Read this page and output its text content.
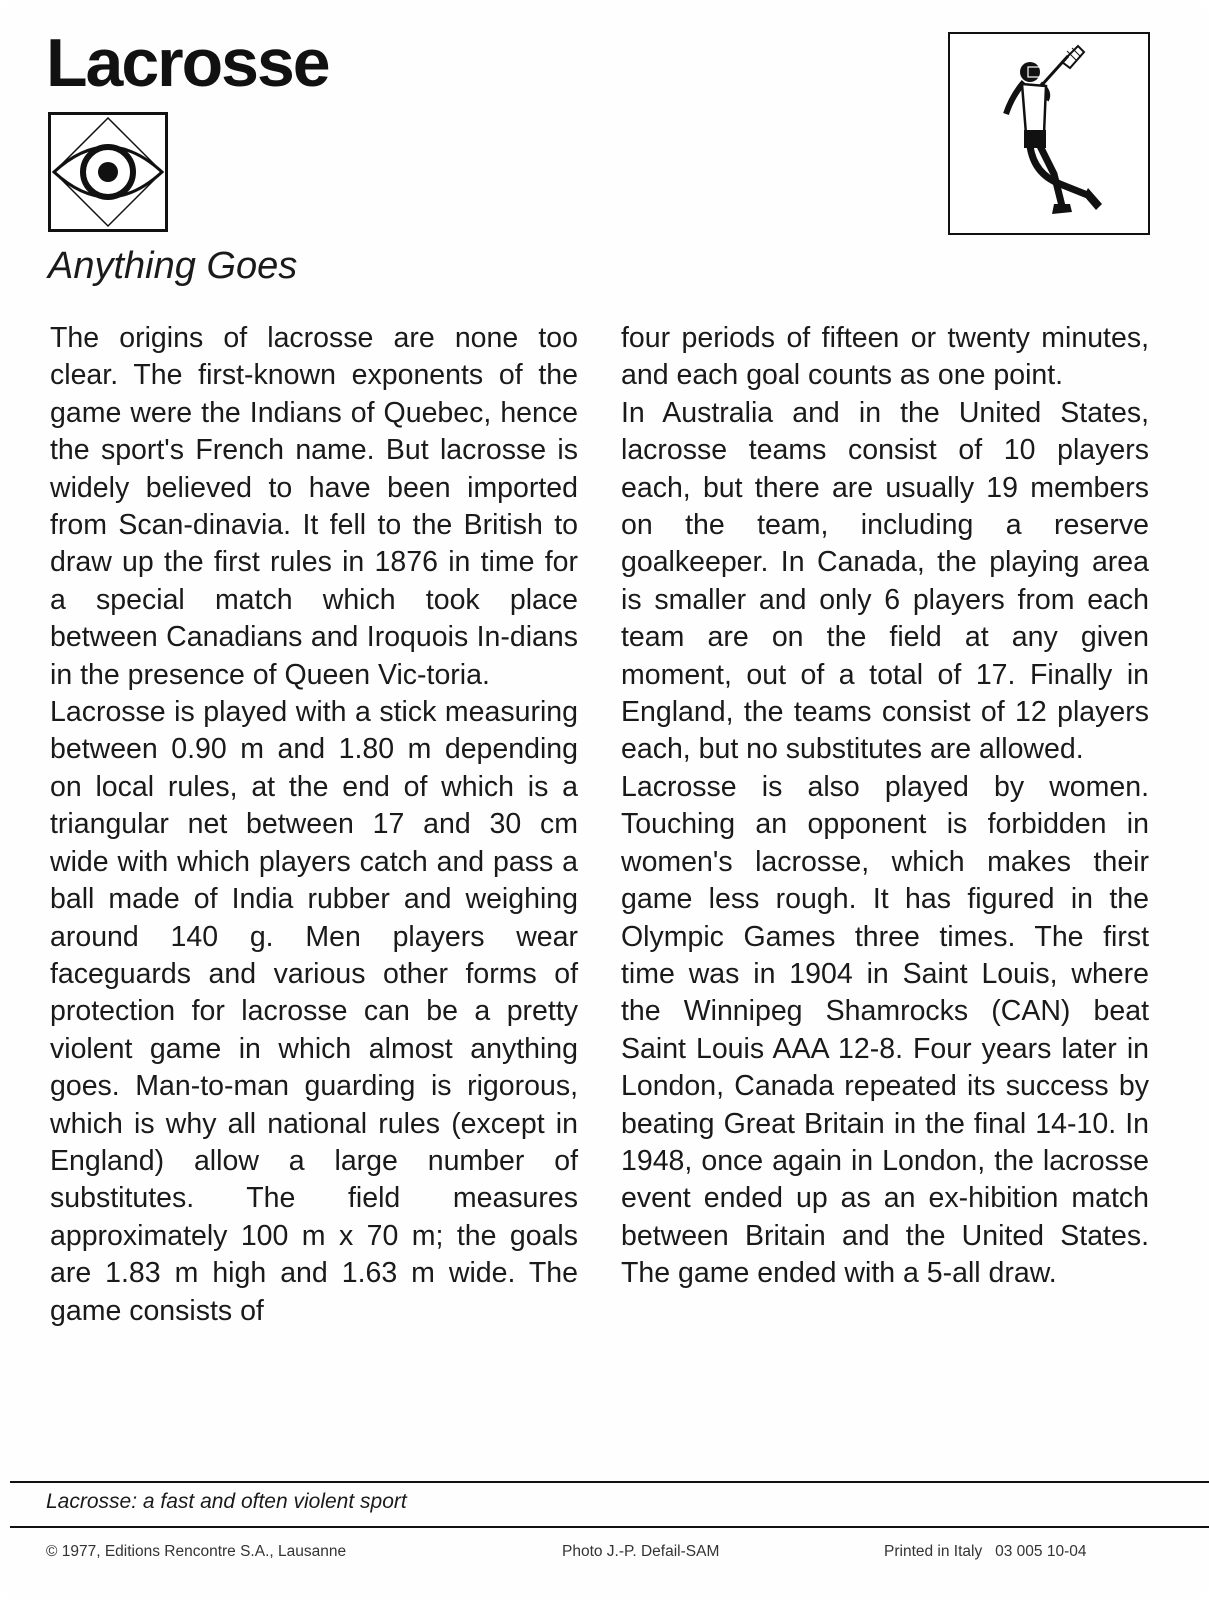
Lacrosse
Anything Goes

The origins of lacrosse are none too clear. The first-known exponents of the game were the Indians of Quebec, hence the sport's French name. But lacrosse is widely believed to have been imported from Scan-dinavia. It fell to the British to draw up the first rules in 1876 in time for a special match which took place between Canadians and Iroquois In-dians in the presence of Queen Vic-toria.

Lacrosse is played with a stick measuring between 0.90 m and 1.80 m depending on local rules, at the end of which is a triangular net between 17 and 30 cm wide with which players catch and pass a ball made of India rubber and weighing around 140 g. Men players wear faceguards and various other forms of protection for lacrosse can be a pretty violent game in which almost anything goes. Man-to-man guarding is rigorous, which is why all national rules (except in England) allow a large number of substitutes. The field measures approximately 100 m x 70 m; the goals are 1.83 m high and 1.63 m wide. The game consists of

four periods of fifteen or twenty minutes, and each goal counts as one point.

In Australia and in the United States, lacrosse teams consist of 10 players each, but there are usually 19 members on the team, including a reserve goalkeeper. In Canada, the playing area is smaller and only 6 players from each team are on the field at any given moment, out of a total of 17. Finally in England, the teams consist of 12 players each, but no substitutes are allowed.

Lacrosse is also played by women. Touching an opponent is forbidden in women's lacrosse, which makes their game less rough. It has figured in the Olympic Games three times. The first time was in 1904 in Saint Louis, where the Winnipeg Shamrocks (CAN) beat Saint Louis AAA 12-8. Four years later in London, Canada repeated its success by beating Great Britain in the final 14-10. In 1948, once again in London, the lacrosse event ended up as an ex-hibition match between Britain and the United States. The game ended with a 5-all draw.

Lacrosse: a fast and often violent sport
© 1977, Editions Rencontre S.A., Lausanne	Photo J.-P. Defail-SAM	Printed in Italy   03 005 10-04
